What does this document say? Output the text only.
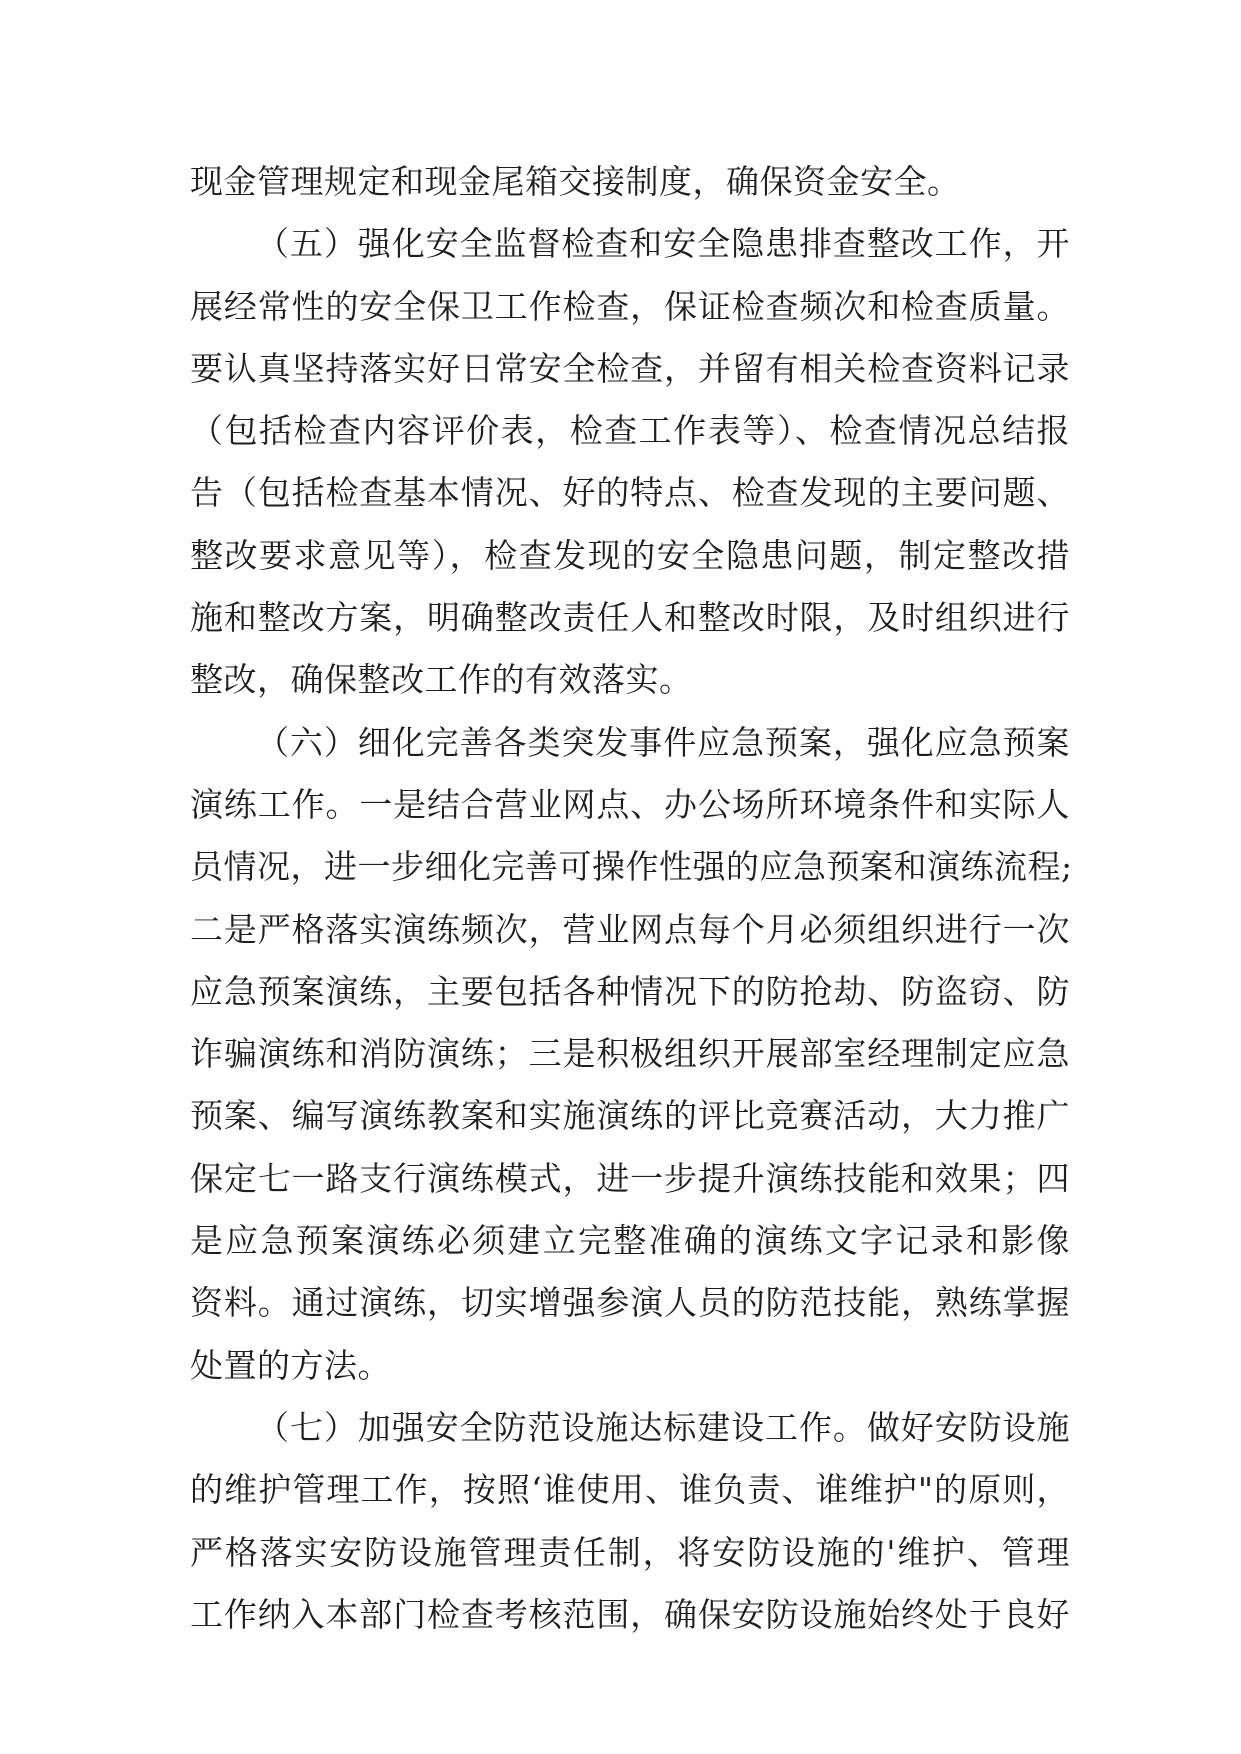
现金管理规定和现金尾箱交接制度，确保资金安全。
（五）强化安全监督检查和安全隐患排查整改工作，开
展经常性的安全保卫工作检查，保证检查频次和检查质量。
要认真坚持落实好日常安全检查，并留有相关检查资料记录
（包括检查内容评价表，检查工作表等）、检查情况总结报
告（包括检查基本情况、好的特点、检查发现的主要问题、
整改要求意见等），检查发现的安全隐患问题，制定整改措
施和整改方案，明确整改责任人和整改时限，及时组织进行
整改，确保整改工作的有效落实。
（六）细化完善各类突发事件应急预案，强化应急预案
演练工作。一是结合营业网点、办公场所环境条件和实际人
员情况，进一步细化完善可操作性强的应急预案和演练流程;
二是严格落实演练频次，营业网点每个月必须组织进行一次
应急预案演练，主要包括各种情况下的防抢劫、防盗窃、防
诈骗演练和消防演练；三是积极组织开展部室经理制定应急
预案、编写演练教案和实施演练的评比竞赛活动，大力推广
保定七一路支行演练模式，进一步提升演练技能和效果；四
是应急预案演练必须建立完整准确的演练文字记录和影像
资料。通过演练，切实增强参演人员的防范技能，熟练掌握
处置的方法。
（七）加强安全防范设施达标建设工作。做好安防设施
的维护管理工作，按照‘谁使用、谁负责、谁维护"的原则，
严格落实安防设施管理责任制，将安防设施的'维护、管理
工作纳入本部门检查考核范围，确保安防设施始终处于良好
